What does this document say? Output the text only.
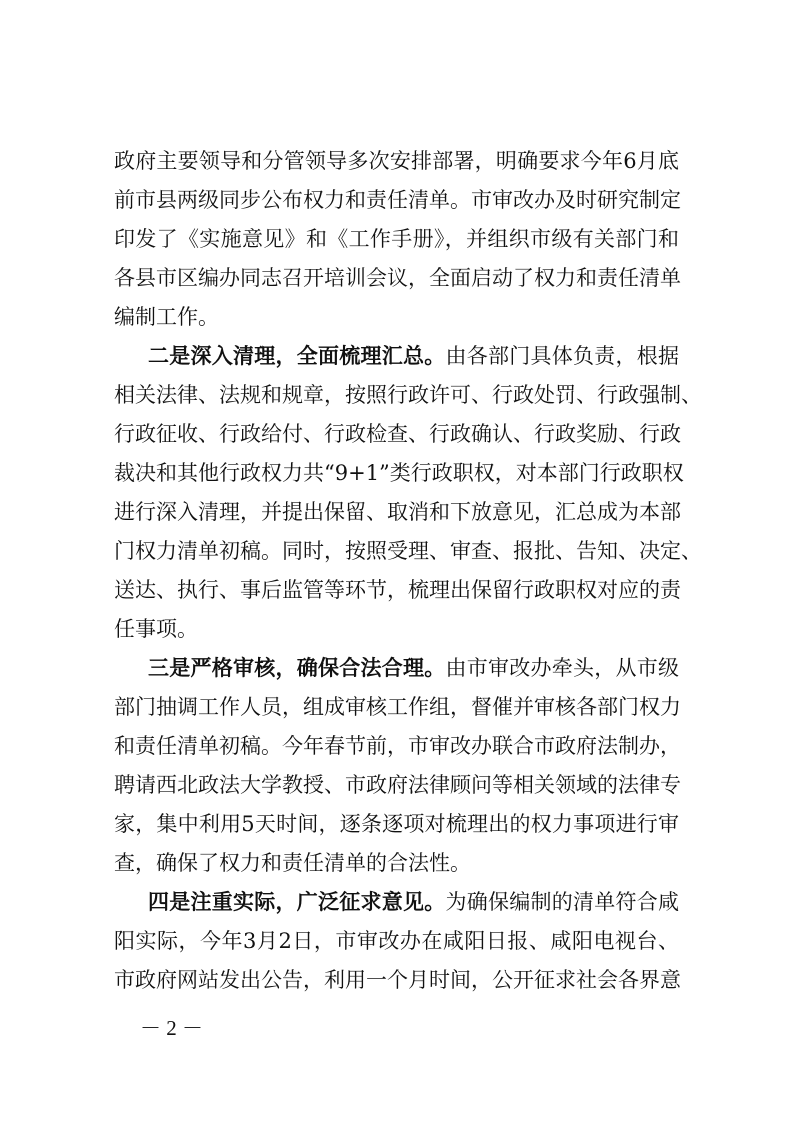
政府主要领导和分管领导多次安排部署，明确要求今年6月底
前市县两级同步公布权力和责任清单。市审改办及时研究制定
印发了《实施意见》和《工作手册》，并组织市级有关部门和
各县市区编办同志召开培训会议，全面启动了权力和责任清单
编制工作。
二是深入清理，全面梳理汇总。由各部门具体负责，根据
相关法律、法规和规章，按照行政许可、行政处罚、行政强制、
行政征收、行政给付、行政检查、行政确认、行政奖励、行政
裁决和其他行政权力共“9+1”类行政职权，对本部门行政职权
进行深入清理，并提出保留、取消和下放意见，汇总成为本部
门权力清单初稿。同时，按照受理、审查、报批、告知、决定、
送达、执行、事后监管等环节，梳理出保留行政职权对应的责
任事项。
三是严格审核，确保合法合理。由市审改办牵头，从市级
部门抽调工作人员，组成审核工作组，督催并审核各部门权力
和责任清单初稿。今年春节前，市审改办联合市政府法制办，
聘请西北政法大学教授、市政府法律顾问等相关领域的法律专
家，集中利用5天时间，逐条逐项对梳理出的权力事项进行审
查，确保了权力和责任清单的合法性。
四是注重实际，广泛征求意见。为确保编制的清单符合咸
阳实际，今年3月2日，市审改办在咸阳日报、咸阳电视台、
市政府网站发出公告，利用一个月时间，公开征求社会各界意
－ 2 －
